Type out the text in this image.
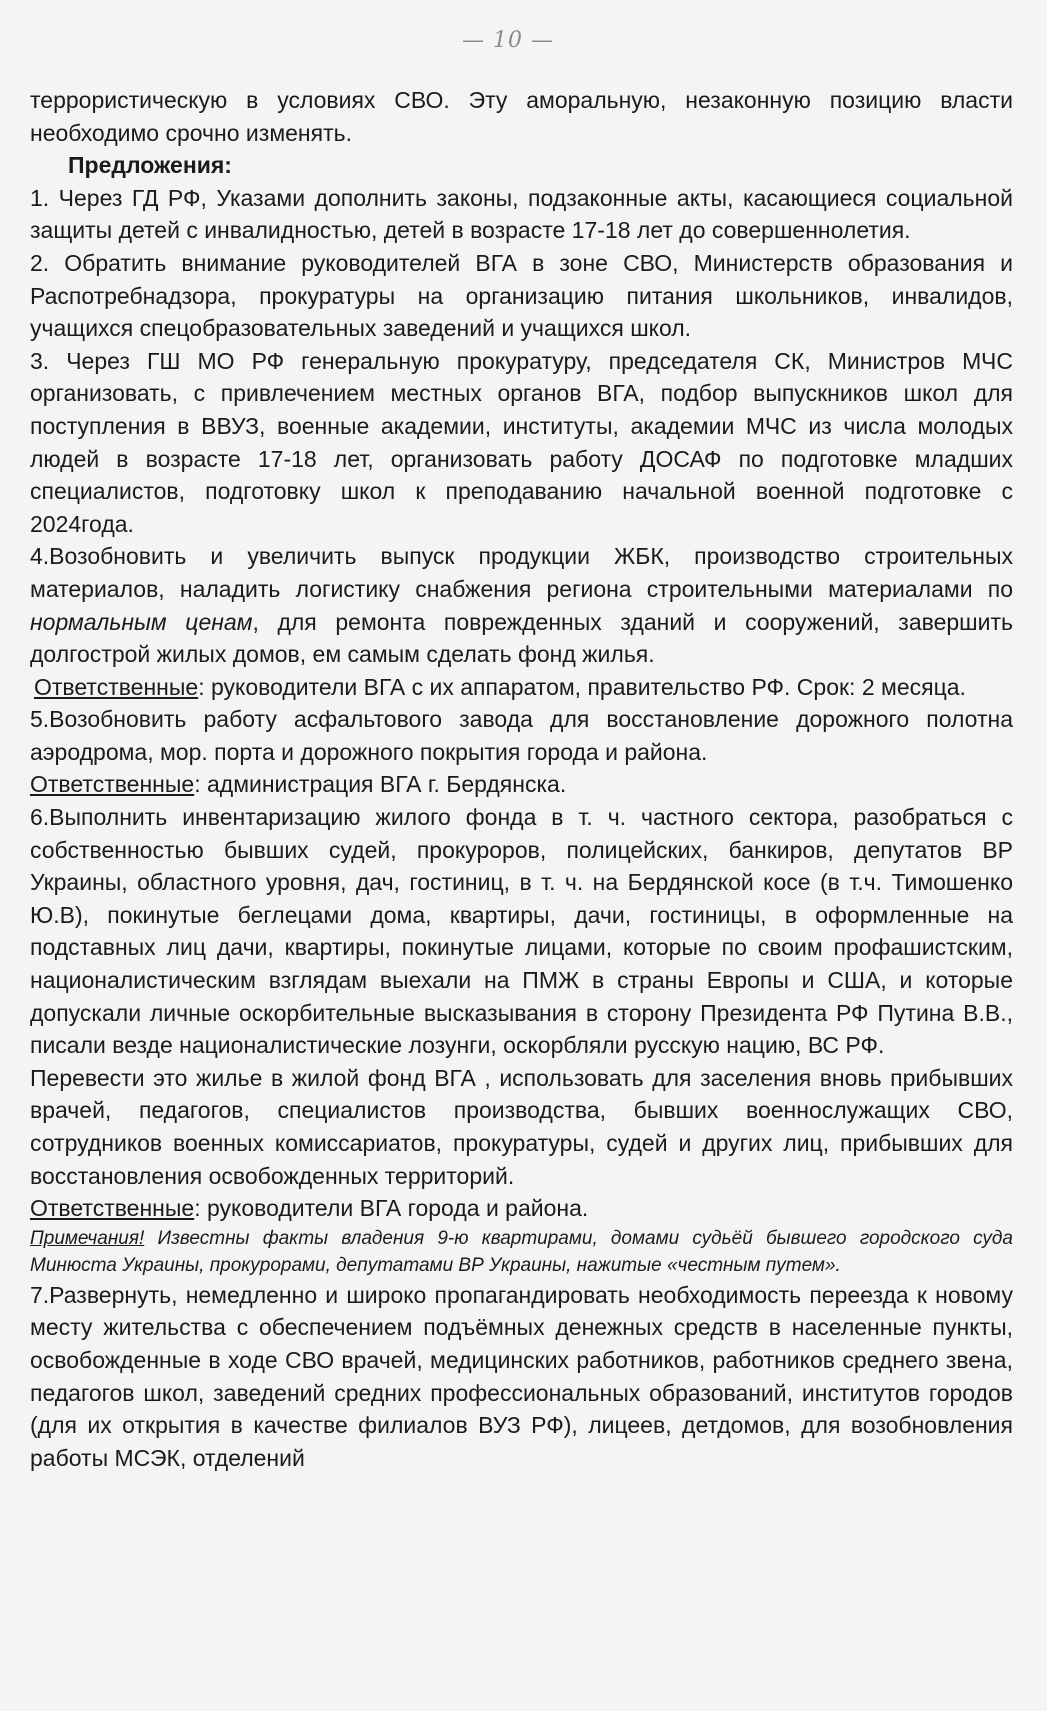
— 10 —

террористическую в условиях СВО. Эту аморальную, незаконную позицию власти необходимо срочно изменять.

Предложения:

1. Через ГД РФ, Указами дополнить законы, подзаконные акты, касающиеся социальной защиты детей с инвалидностью, детей в возрасте 17-18 лет до совершеннолетия.

2. Обратить внимание руководителей ВГА в зоне СВО, Министерств образования и Распотребнадзора, прокуратуры на организацию питания школьников, инвалидов, учащихся спецобразовательных заведений и учащихся школ.

3. Через ГШ МО РФ генеральную прокуратуру, председателя СК, Министров МЧС организовать, с привлечением местных органов ВГА, подбор выпускников школ для поступления в ВВУЗ, военные академии, институты, академии МЧС из числа молодых людей в возрасте 17-18 лет, организовать работу ДОСАФ по подготовке младших специалистов, подготовку школ к преподаванию начальной военной подготовке с 2024года.

4.Возобновить и увеличить выпуск продукции ЖБК, производство строительных материалов, наладить логистику снабжения региона строительными материалами по нормальным ценам, для ремонта поврежденных зданий и сооружений, завершить долгострой жилых домов, ем самым сделать фонд жилья.

Ответственные: руководители ВГА с их аппаратом, правительство РФ. Срок: 2 месяца.

5.Возобновить работу асфальтового завода для восстановление дорожного полотна аэродрома, мор. порта и дорожного покрытия города и района.

Ответственные: администрация ВГА г. Бердянска.

6.Выполнить инвентаризацию жилого фонда в т. ч. частного сектора, разобраться с собственностью бывших судей, прокуроров, полицейских, банкиров, депутатов ВР Украины, областного уровня, дач, гостиниц, в т. ч. на Бердянской косе (в т.ч. Тимошенко Ю.В), покинутые беглецами дома, квартиры, дачи, гостиницы, в оформленные на подставных лиц дачи, квартиры, покинутые лицами, которые по своим профашистским, националистическим взглядам выехали на ПМЖ в страны Европы и США, и которые допускали личные оскорбительные высказывания в сторону Президента РФ Путина В.В., писали везде националистические лозунги, оскорбляли русскую нацию, ВС РФ.

Перевести это жилье в жилой фонд ВГА , использовать для заселения вновь прибывших врачей, педагогов, специалистов производства, бывших военнослужащих СВО, сотрудников военных комиссариатов, прокуратуры, судей и других лиц, прибывших для восстановления освобожденных территорий.

Ответственные: руководители ВГА города и района.

Примечания! Известны факты владения 9-ю квартирами, домами судьёй бывшего городского суда Минюста Украины, прокурорами, депутатами ВР Украины, нажитые «честным путем».

7.Развернуть, немедленно и широко пропагандировать необходимость переезда к новому месту жительства с обеспечением подъёмных денежных средств в населенные пункты, освобожденные в ходе СВО врачей, медицинских работников, работников среднего звена, педагогов школ, заведений средних профессиональных образований, институтов городов (для их открытия в качестве филиалов ВУЗ РФ), лицеев, детдомов, для возобновления работы МСЭК, отделений
